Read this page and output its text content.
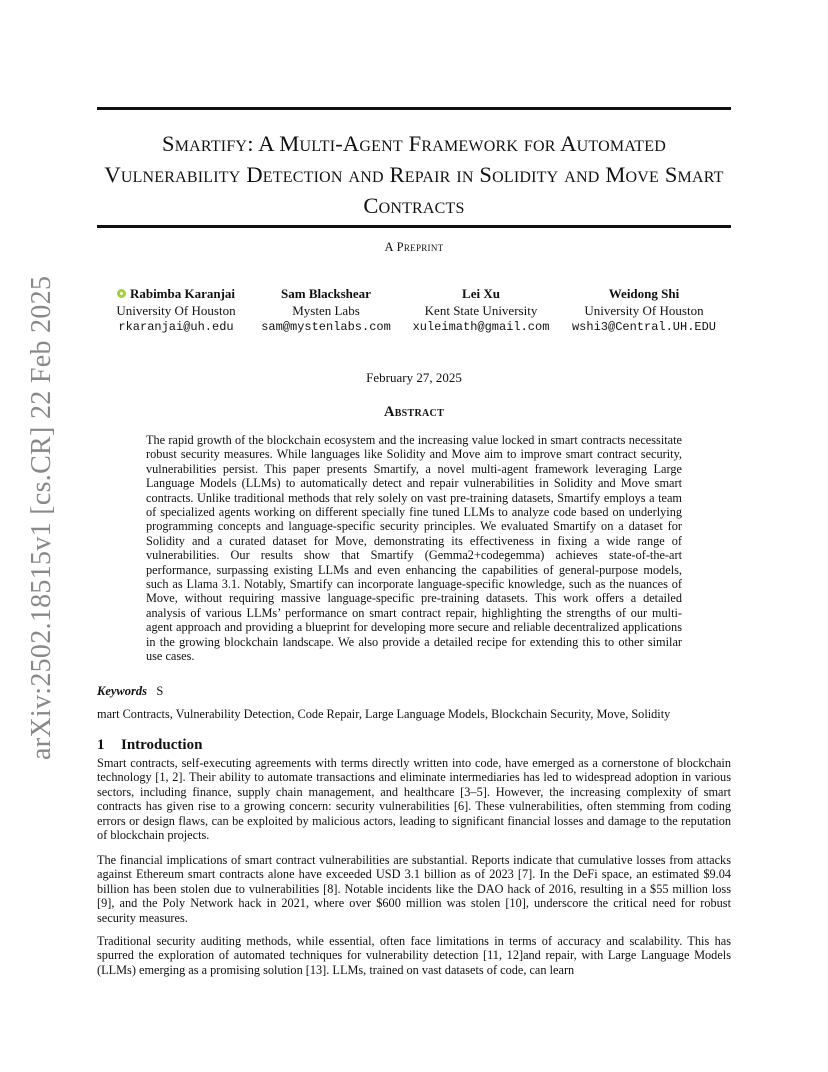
arXiv:2502.18515v1 [cs.CR] 22 Feb 2025
Smartify: A Multi-Agent Framework for Automated Vulnerability Detection and Repair in Solidity and Move Smart Contracts
A Preprint
Rabimba Karanjai
University Of Houston
rkaranjai@uh.edu
Sam Blackshear
Mysten Labs
sam@mystenlabs.com
Lei Xu
Kent State University
xuleimath@gmail.com
Weidong Shi
University Of Houston
wshi3@Central.UH.EDU
February 27, 2025
Abstract

The rapid growth of the blockchain ecosystem and the increasing value locked in smart contracts necessitate robust security measures. While languages like Solidity and Move aim to improve smart contract security, vulnerabilities persist. This paper presents Smartify, a novel multi-agent framework leveraging Large Language Models (LLMs) to automatically detect and repair vulnerabilities in Solidity and Move smart contracts. Unlike traditional methods that rely solely on vast pre-training datasets, Smartify employs a team of specialized agents working on different specially fine tuned LLMs to analyze code based on underlying programming concepts and language-specific security principles. We evaluated Smartify on a dataset for Solidity and a curated dataset for Move, demonstrating its effectiveness in fixing a wide range of vulnerabilities. Our results show that Smartify (Gemma2+codegemma) achieves state-of-the-art performance, surpassing existing LLMs and even enhancing the capabilities of general-purpose models, such as Llama 3.1. Notably, Smartify can incorporate language-specific knowledge, such as the nuances of Move, without requiring massive language-specific pre-training datasets. This work offers a detailed analysis of various LLMs’ performance on smart contract repair, highlighting the strengths of our multi-agent approach and providing a blueprint for developing more secure and reliable decentralized applications in the growing blockchain landscape. We also provide a detailed recipe for extending this to other similar use cases.

Keywords S
mart Contracts, Vulnerability Detection, Code Repair, Large Language Models, Blockchain Security, Move, Solidity
1 Introduction

Smart contracts, self-executing agreements with terms directly written into code, have emerged as a cornerstone of blockchain technology [1, 2]. Their ability to automate transactions and eliminate intermediaries has led to widespread adoption in various sectors, including finance, supply chain management, and healthcare [3–5]. However, the increasing complexity of smart contracts has given rise to a growing concern: security vulnerabilities [6]. These vulnerabilities, often stemming from coding errors or design flaws, can be exploited by malicious actors, leading to significant financial losses and damage to the reputation of blockchain projects.

The financial implications of smart contract vulnerabilities are substantial. Reports indicate that cumulative losses from attacks against Ethereum smart contracts alone have exceeded USD 3.1 billion as of 2023 [7]. In the DeFi space, an estimated $9.04 billion has been stolen due to vulnerabilities [8]. Notable incidents like the DAO hack of 2016, resulting in a $55 million loss [9], and the Poly Network hack in 2021, where over $600 million was stolen [10], underscore the critical need for robust security measures.

Traditional security auditing methods, while essential, often face limitations in terms of accuracy and scalability. This has spurred the exploration of automated techniques for vulnerability detection [11, 12]and repair, with Large Language Models (LLMs) emerging as a promising solution [13]. LLMs, trained on vast datasets of code, can learn
